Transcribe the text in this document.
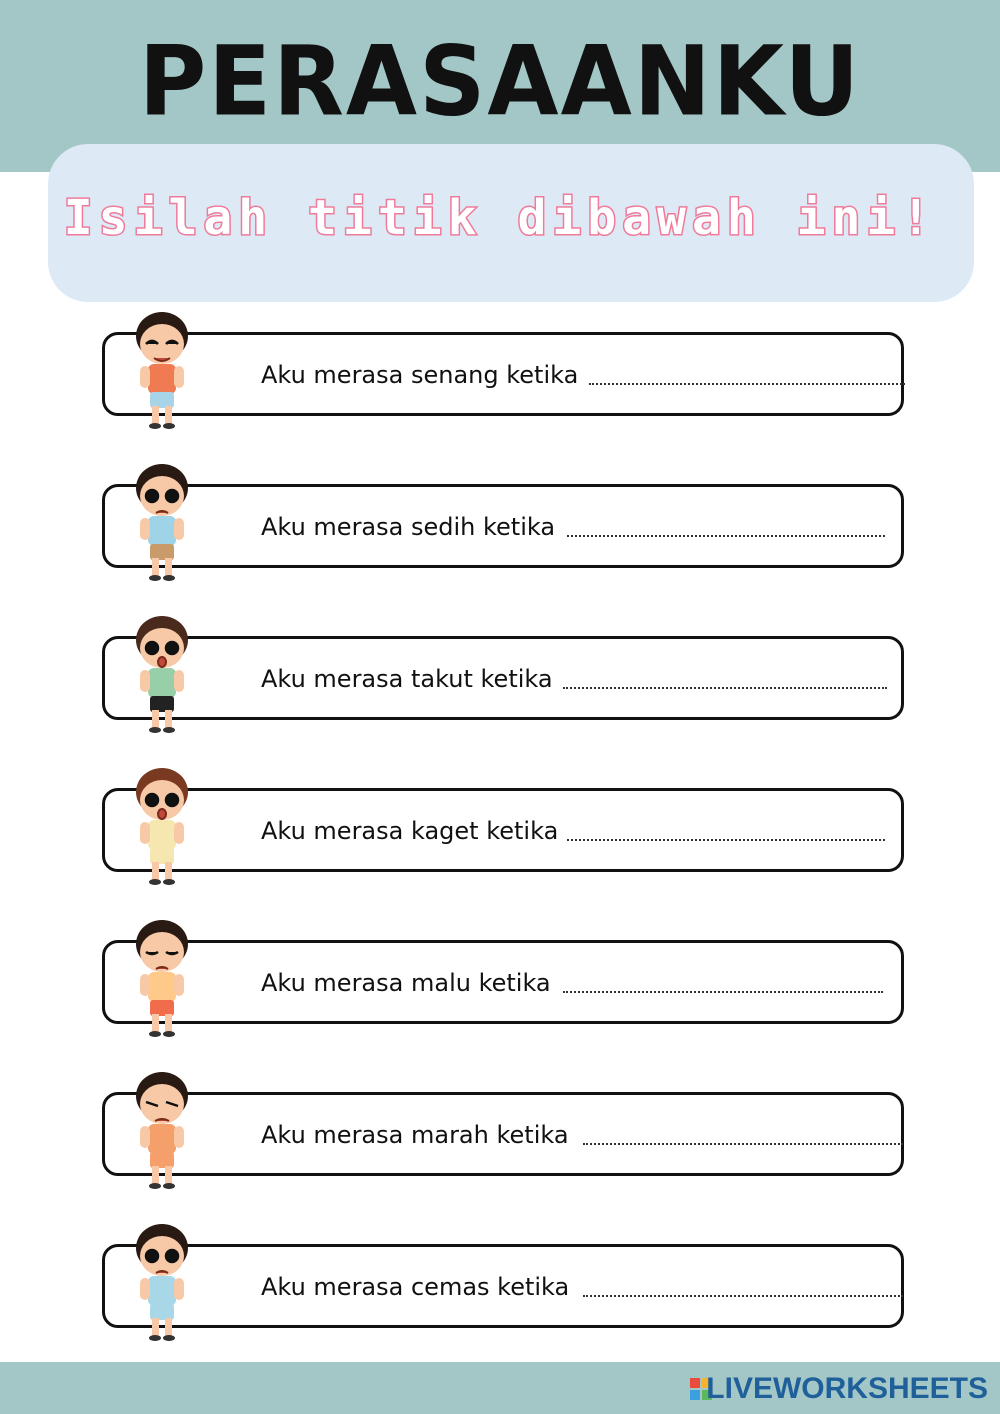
PERASAANKU
Isilah titik dibawah ini!
Aku merasa senang ketika
Aku merasa sedih ketika
Aku merasa takut ketika
Aku merasa kaget ketika
Aku merasa malu ketika
Aku merasa marah ketika
Aku merasa cemas ketika
LIVEWORKSHEETS
